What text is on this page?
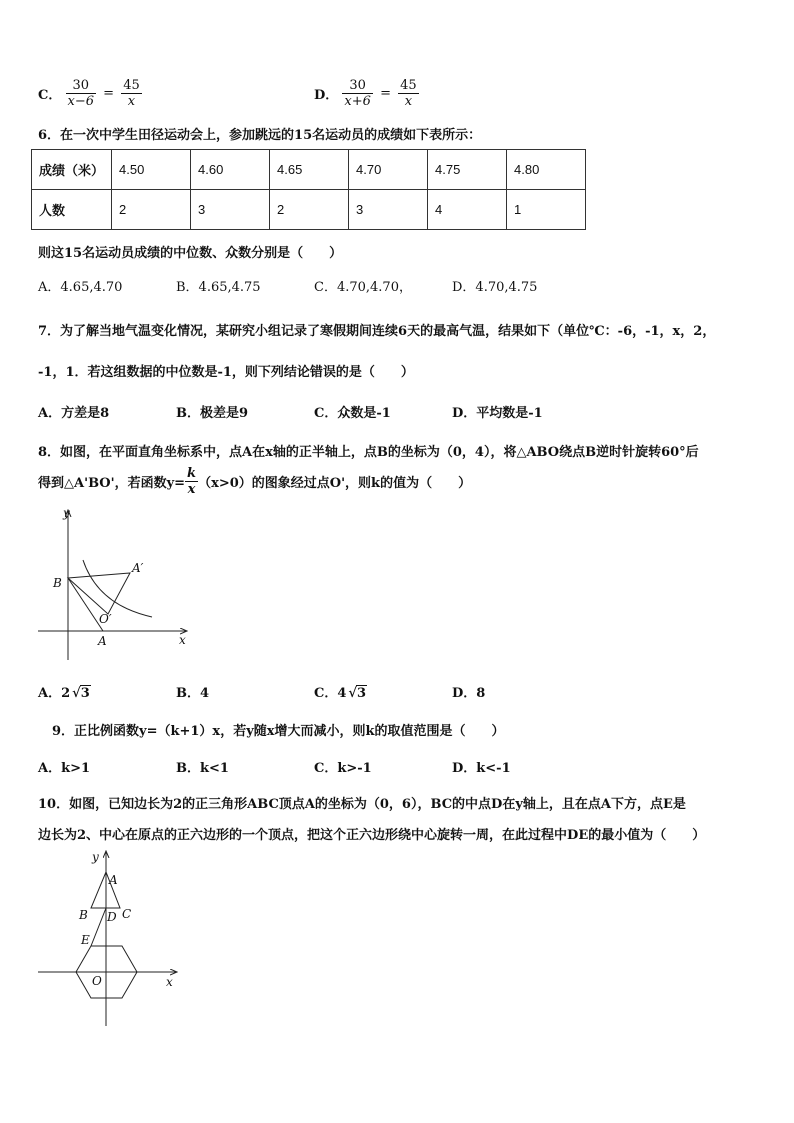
C． $\frac{30}{x-6} = \frac{45}{x}$	D． $\frac{30}{x+6} = \frac{45}{x}$
6．在一次中学生田径运动会上，参加跳远的15名运动员的成绩如下表所示：
成绩（米）	4.50	4.60	4.65	4.70	4.75	4.80
人数	2	3	2	3	4	1
则这15名运动员成绩的中位数、众数分别是（　　）
A．4.65,4.70	B．4.65,4.75	C．4.70,4.70，	D．4.70,4.75
7．为了解当地气温变化情况，某研究小组记录了寒假期间连续6天的最高气温，结果如下（单位℃：-6，-1，x，2，
-1，1．若这组数据的中位数是-1，则下列结论错误的是（　　）
A．方差是8	B．极差是9	C．众数是-1	D．平均数是-1
8．如图，在平面直角坐标系中，点A在x轴的正半轴上，点B的坐标为（0，4），将△ABO绕点B逆时针旋转60°后
得到△A'BO'，若函数$y= \frac{k}{x} (x>0)$的图象经过点O'，则k的值为（　　）
y
x
B
A
A′
O′
A．2 √3	B．4	C．4 √3	D．8
9．正比例函数y=（k+1）x，若y随x增大而减小，则k的取值范围是（　　）
A．k>1	B．k<1	C．k>-1	D．k<-1
10．如图，已知边长为2的正三角形ABC顶点A的坐标为（0，6），BC的中点D在y轴上，且在点A下方，点E是
边长为2、中心在原点的正六边形的一个顶点，把这个正六边形绕中心旋转一周，在此过程中DE的最小值为（　　）
y
x
A
B D C
E
O
